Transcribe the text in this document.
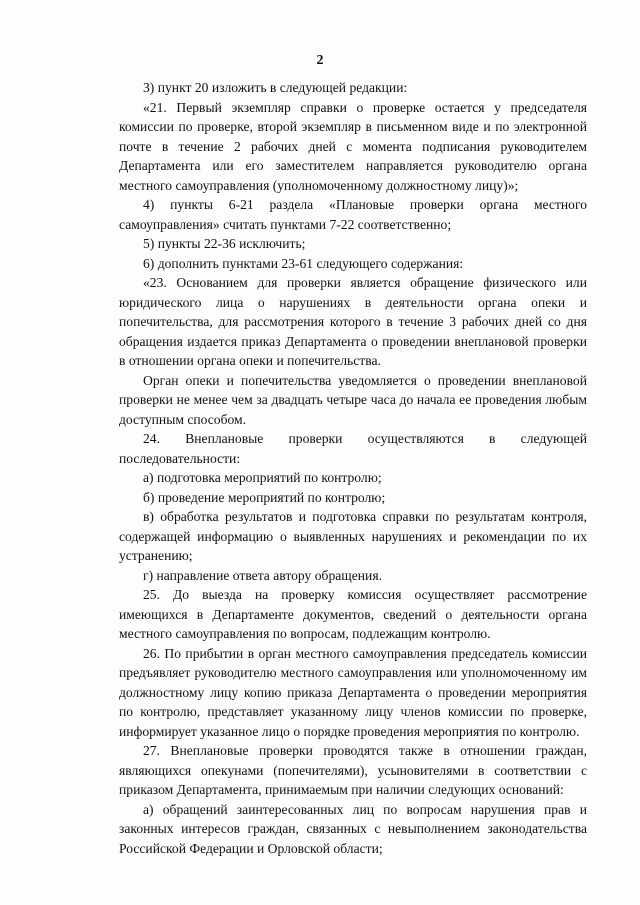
2

3) пункт 20 изложить в следующей редакции:

«21. Первый экземпляр справки о проверке остается у председателя комиссии по проверке, второй экземпляр в письменном виде и по электронной почте в течение 2 рабочих дней с момента подписания руководителем Департамента или его заместителем направляется руководителю органа местного самоуправления (уполномоченному должностному лицу)»;

4) пункты 6-21 раздела «Плановые проверки органа местного самоуправления» считать пунктами 7-22 соответственно;

5) пункты 22-36 исключить;

6) дополнить пунктами 23-61 следующего содержания:

«23. Основанием для проверки является обращение физического или юридического лица о нарушениях в деятельности органа опеки и попечительства, для рассмотрения которого в течение 3 рабочих дней со дня обращения издается приказ Департамента о проведении внеплановой проверки в отношении органа опеки и попечительства.

Орган опеки и попечительства уведомляется о проведении внеплановой проверки не менее чем за двадцать четыре часа до начала ее проведения любым доступным способом.

24. Внеплановые проверки осуществляются в следующей последовательности:

а) подготовка мероприятий по контролю;

б) проведение мероприятий по контролю;

в) обработка результатов и подготовка справки по результатам контроля, содержащей информацию о выявленных нарушениях и рекомендации по их устранению;

г) направление ответа автору обращения.

25. До выезда на проверку комиссия осуществляет рассмотрение имеющихся в Департаменте документов, сведений о деятельности органа местного самоуправления по вопросам, подлежащим контролю.

26. По прибытии в орган местного самоуправления председатель комиссии предъявляет руководителю местного самоуправления или уполномоченному им должностному лицу копию приказа Департамента о проведении мероприятия по контролю, представляет указанному лицу членов комиссии по проверке, информирует указанное лицо о порядке проведения мероприятия по контролю.

27. Внеплановые проверки проводятся также в отношении граждан, являющихся опекунами (попечителями), усыновителями в соответствии с приказом Департамента, принимаемым при наличии следующих оснований:

а) обращений заинтересованных лиц по вопросам нарушения прав и законных интересов граждан, связанных с невыполнением законодательства Российской Федерации и Орловской области;
